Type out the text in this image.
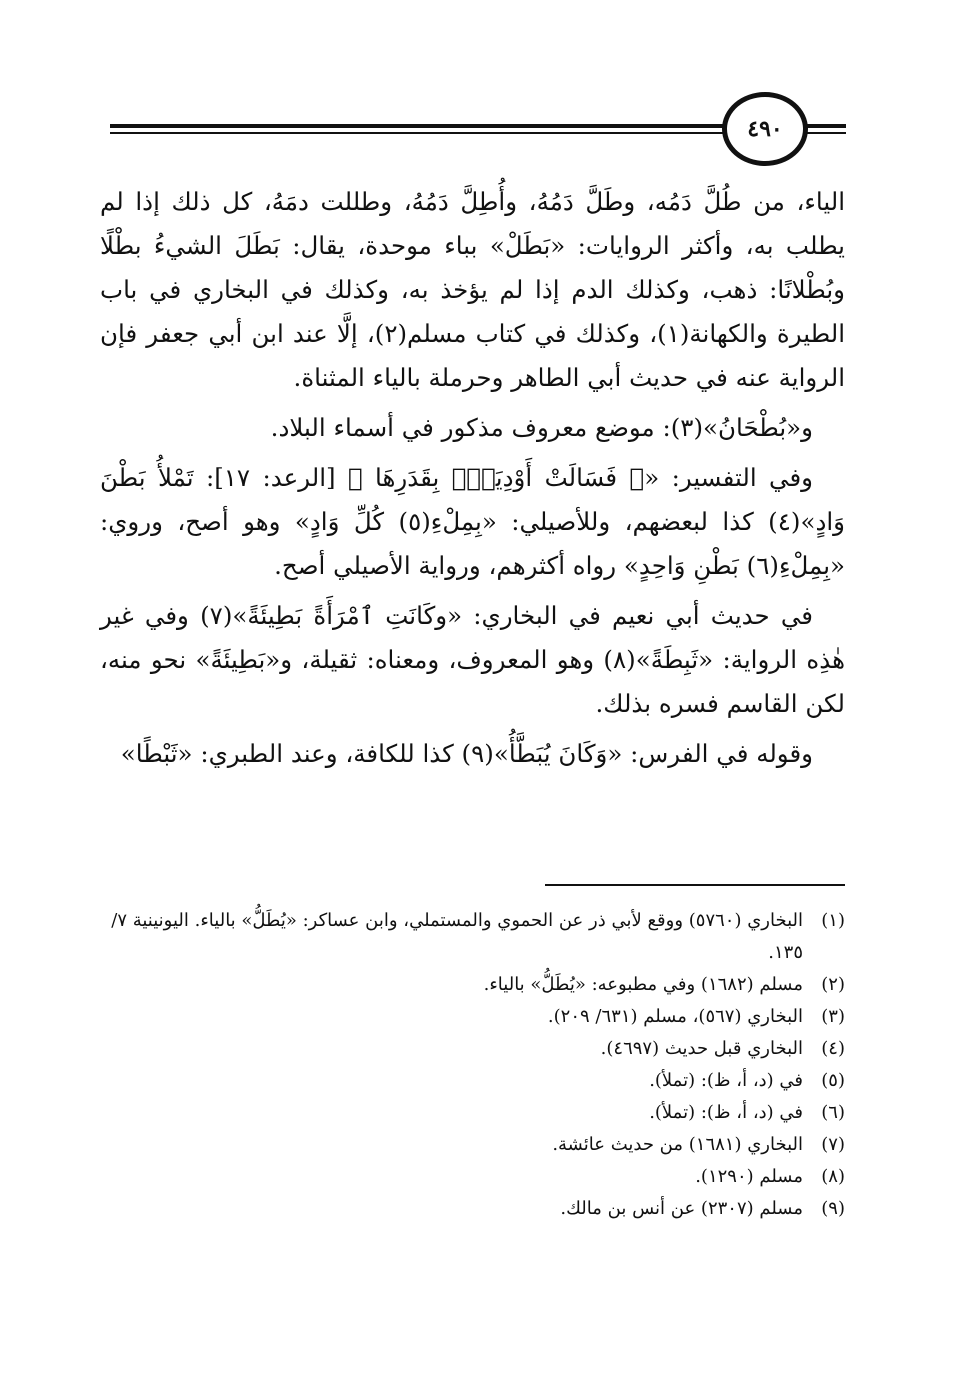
٤٩٠

الياء، من طُلَّ دَمُه، وطَلَّ دَمُهُ، وأُطِلَّ دَمُهُ، وطللت دمَهُ، كل ذلك إذا لم يطلب به، وأكثر الروايات: «بَطَلْ» بباء موحدة، يقال: بَطَلَ الشيءُ بطْلًا وبُطْلانًا: ذهب، وكذلك الدم إذا لم يؤخذ به، وكذلك في البخاري في باب الطيرة والكهانة(١)، وكذلك في كتاب مسلم(٢)، إلَّا عند ابن أبي جعفر فإن الرواية عنه في حديث أبي الطاهر وحرملة بالياء المثناة.

و«بُطْحَانُ»(٣): موضع معروف مذكور في أسماء البلاد.

وفي التفسير: «﴿ فَسَالَتْ أَوْدِيَةٌۢ بِقَدَرِهَا ﴾ [الرعد: ١٧]: تَمْلأُ بَطْنَ وَادٍ»(٤) كذا لبعضهم، وللأصيلي: «بِمِلْءِ(٥) كُلِّ وَادٍ» وهو أصح، وروي: «بِمِلْءِ(٦) بَطْنِ وَاحِدٍ» رواه أكثرهم، ورواية الأصيلي أصح.

في حديث أبي نعيم في البخاري: «وكَانَتِ ٱمْرَأَةً بَطِيئَةً»(٧) وفي غير هٰذِه الرواية: «ثَبِطَةً»(٨) وهو المعروف، ومعناه: ثقيلة، و«بَطِيئَةً» نحو منه، لكن القاسم فسره بذلك.

وقوله في الفرس: «وَكَانَ يُبَطَّأُ»(٩) كذا للكافة، وعند الطبري: «ثَبْطًا»

(١)
البخاري (٥٧٦٠) ووقع لأبي ذر عن الحموي والمستملي، وابن عساكر: «يُطَلُّ» بالياء. اليونينية ٧/ ١٣٥.
(٢)
مسلم (١٦٨٢) وفي مطبوعه: «يُطَلُّ» بالياء.
(٣)
البخاري (٥٦٧)، مسلم (٦٣١/ ٢٠٩).
(٤)
البخاري قبل حديث (٤٦٩٧).
(٥)
في (د، أ، ظ): (تملأ).
(٦)
في (د، أ، ظ): (تملأ).
(٧)
البخاري (١٦٨١) من حديث عائشة.
(٨)
مسلم (١٢٩٠).
(٩)
مسلم (٢٣٠٧) عن أنس بن مالك.
